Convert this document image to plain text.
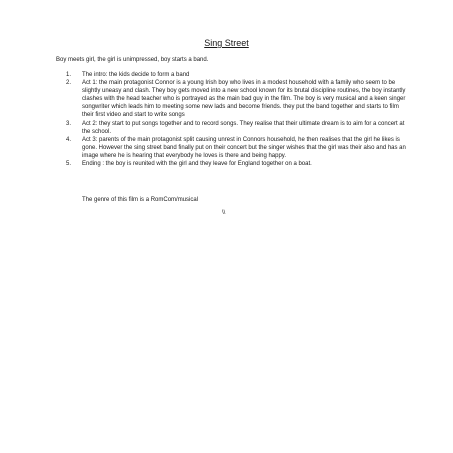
Sing Street
Boy meets girl, the girl is unimpressed, boy starts a band.
1. The intro: the kids decide to form a band
2. Act 1: the main protagonist Connor is a young Irish boy who lives in a modest household with a family who seem to be slightly uneasy and clash. They boy gets moved into a new school known for its brutal discipline routines, the boy instantly clashes with the head teacher who is portrayed as the main bad guy in the film. The boy is very musical and a keen singer songwriter which leads him to meeting some new lads and become friends. they put the band together and starts to film their first video and start to write songs
3. Act 2: they start to put songs together and to record songs. They realise that their ultimate dream is to aim for a concert at the school.
4. Act 3: parents of the main protagonist split causing unrest in Connors household, he then realises that the girl he likes is gone. However the sing street band finally put on their concert but the singer wishes that the girl was their also and has an image where he is hearing that everybody he loves is there and being happy.
5. Ending : the boy is reunited with the girl and they leave for England together on a boat.
The genre of this film is a RomCom/musical
\\
